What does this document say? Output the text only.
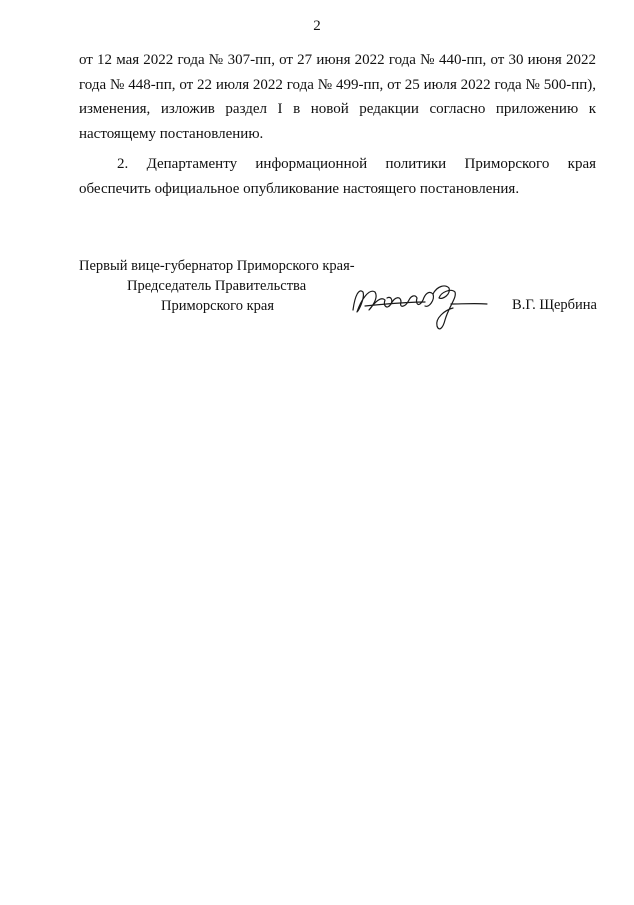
2

от 12 мая 2022 года № 307-пп, от 27 июня 2022 года № 440-пп, от 30 июня 2022 года № 448-пп, от 22 июля 2022 года № 499-пп, от 25 июля 2022 года № 500-пп), изменения, изложив раздел I в новой редакции согласно приложению к настоящему постановлению.

2. Департаменту информационной политики Приморского края обеспечить официальное опубликование настоящего постановления.

Первый вице-губернатор Приморского края-
Председатель Правительства
Приморского края	В.Г. Щербина
